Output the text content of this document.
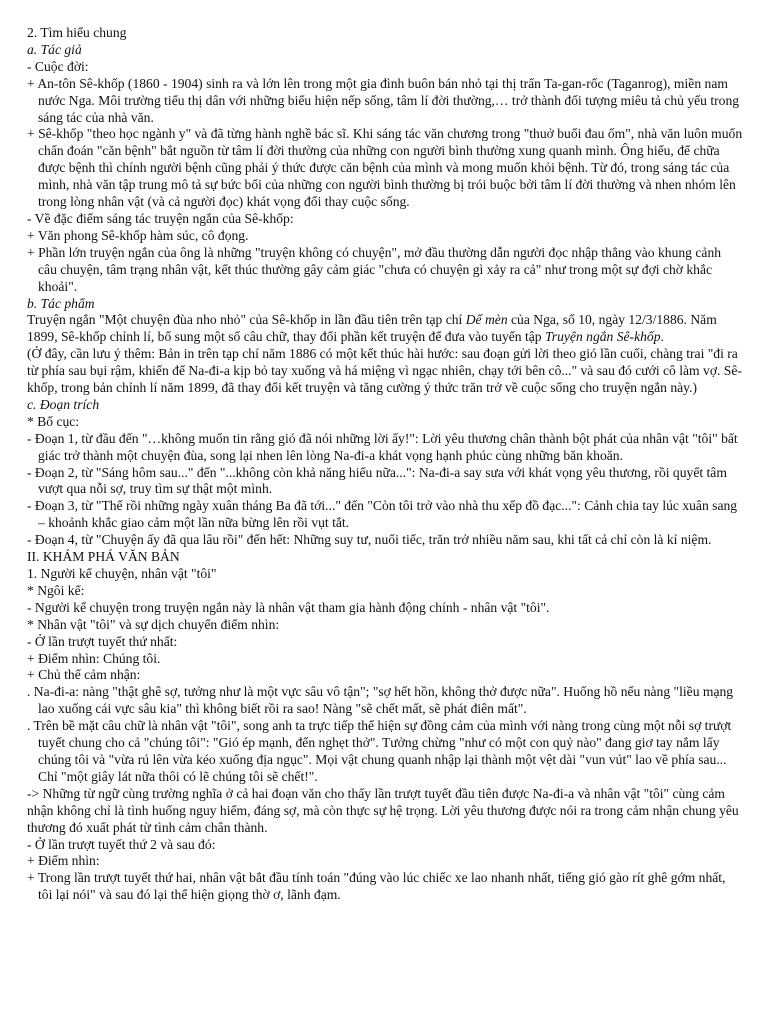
2. Tìm hiểu chung

a. Tác giả

- Cuộc đời:

+ An-tôn Sê-khốp (1860 - 1904) sinh ra và lớn lên trong một gia đình buôn bán nhỏ tại thị trấn Ta-gan-rốc (Taganrog), miền nam nước Nga. Môi trường tiểu thị dân với những biểu hiện nếp sống, tâm lí đời thường,… trở thành đối tượng miêu tả chủ yếu trong sáng tác của nhà văn.

+ Sê-khốp "theo học ngành y" và đã từng hành nghề bác sĩ. Khi sáng tác văn chương trong "thuở buổi đau ốm", nhà văn luôn muốn chẩn đoán "căn bệnh" bắt nguồn từ tâm lí đời thường của những con người bình thường xung quanh mình. Ông hiểu, để chữa được bệnh thì chính người bệnh cũng phải ý thức được căn bệnh của mình và mong muốn khỏi bệnh. Từ đó, trong sáng tác của mình, nhà văn tập trung mô tả sự bức bối của những con người bình thường bị trói buộc bởi tâm lí đời thường và nhen nhóm lên trong lòng nhân vật (và cả người đọc) khát vọng đổi thay cuộc sống.

- Về đặc điểm sáng tác truyện ngắn của Sê-khốp:

+ Văn phong Sê-khốp hàm súc, cô đọng.

+ Phần lớn truyện ngắn của ông là những "truyện không có chuyện", mở đầu thường dẫn người đọc nhập thẳng vào khung cảnh câu chuyện, tâm trạng nhân vật, kết thúc thường gây cảm giác "chưa có chuyện gì xảy ra cả" như trong một sự đợi chờ khắc khoải".

b. Tác phẩm

Truyện ngắn "Một chuyện đùa nho nhỏ" của Sê-khốp in lần đầu tiên trên tạp chí Dế mèn của Nga, số 10, ngày 12/3/1886. Năm 1899, Sê-khốp chỉnh lí, bổ sung một số câu chữ, thay đổi phần kết truyện để đưa vào tuyển tập Truyện ngắn Sê-khốp.

(Ở đây, cần lưu ý thêm: Bản in trên tạp chí năm 1886 có một kết thúc hài hước: sau đoạn gửi lời theo gió lần cuối, chàng trai "đi ra từ phía sau bụi rậm, khiến để Na-đi-a kịp bỏ tay xuống và há miệng vì ngạc nhiên, chạy tới bên cô..." và sau đó cưới cô làm vợ. Sê-khốp, trong bản chỉnh lí năm 1899, đã thay đổi kết truyện và tăng cường ý thức trăn trở về cuộc sống cho truyện ngắn này.)

c. Đoạn trích

* Bố cục:

- Đoạn 1, từ đầu đến "…không muốn tin rằng gió đã nói những lời ấy!": Lời yêu thương chân thành bột phát của nhân vật "tôi" bất giác trở thành một chuyện đùa, song lại nhen lên lòng Na-đi-a khát vọng hạnh phúc cùng những băn khoăn.

- Đoạn 2, từ "Sáng hôm sau..." đến "...không còn khả năng hiểu nữa...": Na-đi-a say sưa với khát vọng yêu thương, rồi quyết tâm vượt qua nỗi sợ, truy tìm sự thật một mình.

- Đoạn 3, từ "Thế rồi những ngày xuân tháng Ba đã tới..." đến "Còn tôi trở vào nhà thu xếp đồ đạc...": Cảnh chia tay lúc xuân sang – khoảnh khắc giao cảm một lần nữa bừng lên rồi vụt tắt.

- Đoạn 4, từ "Chuyện ấy đã qua lâu rồi" đến hết: Những suy tư, nuối tiếc, trăn trở nhiều năm sau, khi tất cả chỉ còn là kỉ niệm.

II. KHÁM PHÁ VĂN BẢN

1. Người kể chuyện, nhân vật "tôi"

* Ngôi kể:

- Người kể chuyện trong truyện ngắn này là nhân vật tham gia hành động chính - nhân vật "tôi".

* Nhân vật "tôi" và sự dịch chuyển điểm nhìn:

- Ở lần trượt tuyết thứ nhất:

+ Điểm nhìn: Chúng tôi.

+ Chủ thể cảm nhận:

. Na-đi-a: nàng "thật ghê sợ, tưởng như là một vực sâu vô tận"; "sợ hết hồn, không thở được nữa". Huống hồ nếu nàng "liều mạng lao xuống cái vực sâu kia" thì không biết rồi ra sao! Nàng "sẽ chết mất, sẽ phát điên mất".

. Trên bề mặt câu chữ là nhân vật "tôi", song anh ta trực tiếp thể hiện sự đồng cảm của mình với nàng trong cùng một nỗi sợ trượt tuyết chung cho cả "chúng tôi": "Gió ép mạnh, đến nghẹt thở". Tưởng chừng "như có một con quỷ nào" đang giơ tay nắm lấy chúng tôi và "vừa rú lên vừa kéo xuống địa ngục". Mọi vật chung quanh nhập lại thành một vệt dài "vun vút" lao về phía sau... Chỉ "một giây lát nữa thôi có lẽ chúng tôi sẽ chết!".

-> Những từ ngữ cùng trường nghĩa ở cả hai đoạn văn cho thấy lần trượt tuyết đầu tiên được Na-đi-a và nhân vật "tôi" cùng cảm nhận không chỉ là tình huống nguy hiểm, đáng sợ, mà còn thực sự hệ trọng. Lời yêu thương được nói ra trong cảm nhận chung yêu thương đó xuất phát từ tình cảm chân thành.

- Ở lần trượt tuyết thứ 2 và sau đó:

+ Điểm nhìn:

+ Trong lần trượt tuyết thứ hai, nhân vật bắt đầu tính toán "đúng vào lúc chiếc xe lao nhanh nhất, tiếng gió gào rít ghê gớm nhất, tôi lại nói" và sau đó lại thể hiện giọng thờ ơ, lãnh đạm.
